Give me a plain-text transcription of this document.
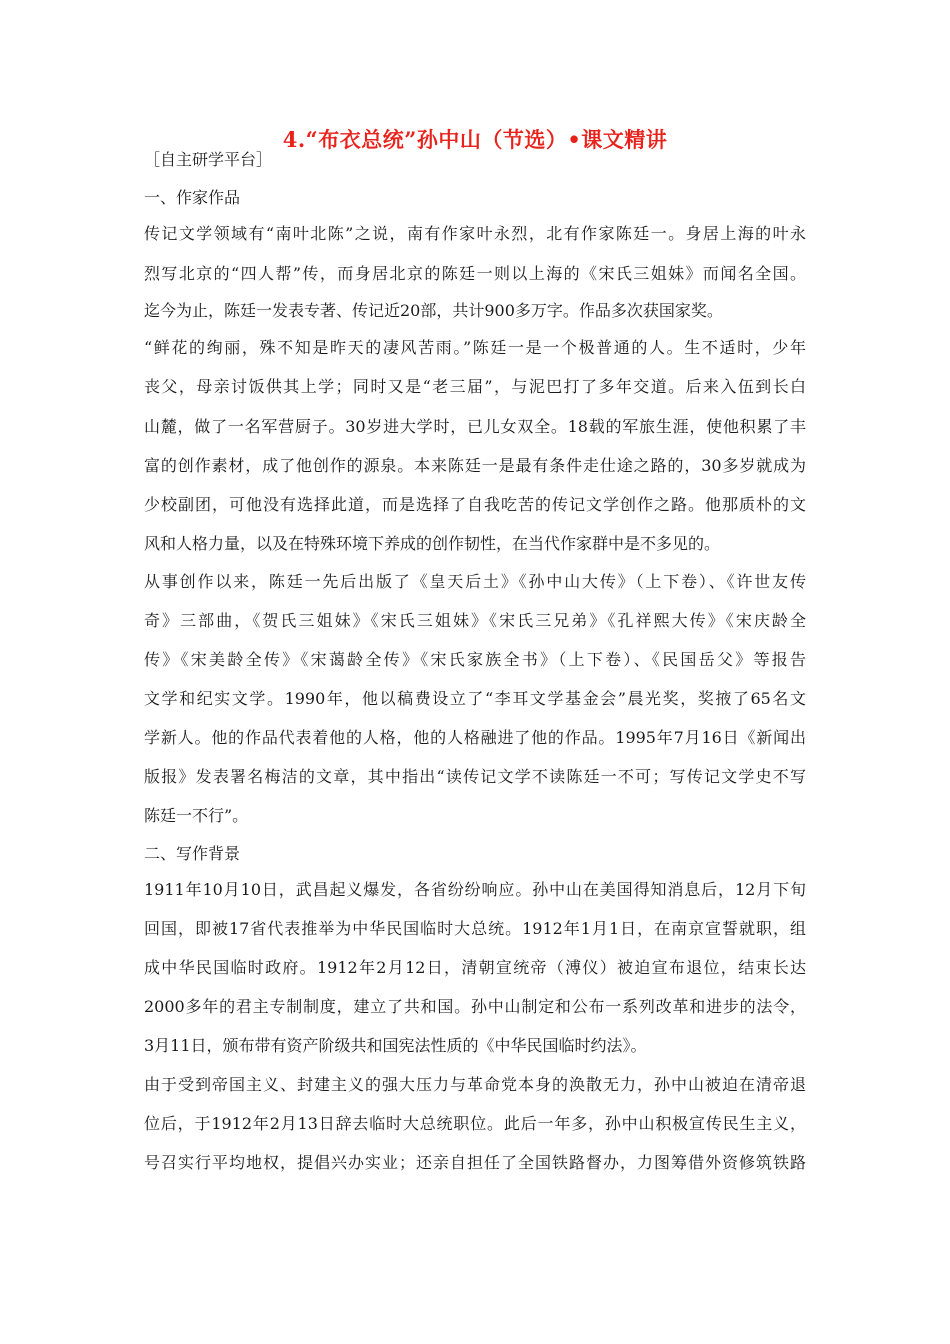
4.“布衣总统”孙中山（节选）•课文精讲
［自主研学平台］
一、作家作品
传记文学领域有“南叶北陈”之说，南有作家叶永烈，北有作家陈廷一。身居上海的叶永
烈写北京的“四人帮”传，而身居北京的陈廷一则以上海的《宋氏三姐妹》而闻名全国。
迄今为止，陈廷一发表专著、传记近20部，共计900多万字。作品多次获国家奖。
“鲜花的绚丽，殊不知是昨天的凄风苦雨。”陈廷一是一个极普通的人。生不适时，少年
丧父，母亲讨饭供其上学；同时又是“老三届”，与泥巴打了多年交道。后来入伍到长白
山麓，做了一名军营厨子。30岁进大学时，已儿女双全。18载的军旅生涯，使他积累了丰
富的创作素材，成了他创作的源泉。本来陈廷一是最有条件走仕途之路的，30多岁就成为
少校副团，可他没有选择此道，而是选择了自我吃苦的传记文学创作之路。他那质朴的文
风和人格力量，以及在特殊环境下养成的创作韧性，在当代作家群中是不多见的。
从事创作以来，陈廷一先后出版了《皇天后土》《孙中山大传》（上下卷）、《许世友传
奇》三部曲，《贺氏三姐妹》《宋氏三姐妹》《宋氏三兄弟》《孔祥熙大传》《宋庆龄全
传》《宋美龄全传》《宋蔼龄全传》《宋氏家族全书》（上下卷）、《民国岳父》等报告
文学和纪实文学。1990年，他以稿费设立了“李耳文学基金会”晨光奖，奖掖了65名文
学新人。他的作品代表着他的人格，他的人格融进了他的作品。1995年7月16日《新闻出
版报》发表署名梅洁的文章，其中指出“读传记文学不读陈廷一不可；写传记文学史不写
陈廷一不行”。
二、写作背景
1911年10月10日，武昌起义爆发，各省纷纷响应。孙中山在美国得知消息后，12月下旬
回国，即被17省代表推举为中华民国临时大总统。1912年1月1日，在南京宣誓就职，组
成中华民国临时政府。1912年2月12日，清朝宣统帝（溥仪）被迫宣布退位，结束长达
2000多年的君主专制制度，建立了共和国。孙中山制定和公布一系列改革和进步的法令，
3月11日，颁布带有资产阶级共和国宪法性质的《中华民国临时约法》。
由于受到帝国主义、封建主义的强大压力与革命党本身的涣散无力，孙中山被迫在清帝退
位后，于1912年2月13日辞去临时大总统职位。此后一年多，孙中山积极宣传民生主义，
号召实行平均地权，提倡兴办实业；还亲自担任了全国铁路督办，力图筹借外资修筑铁路
